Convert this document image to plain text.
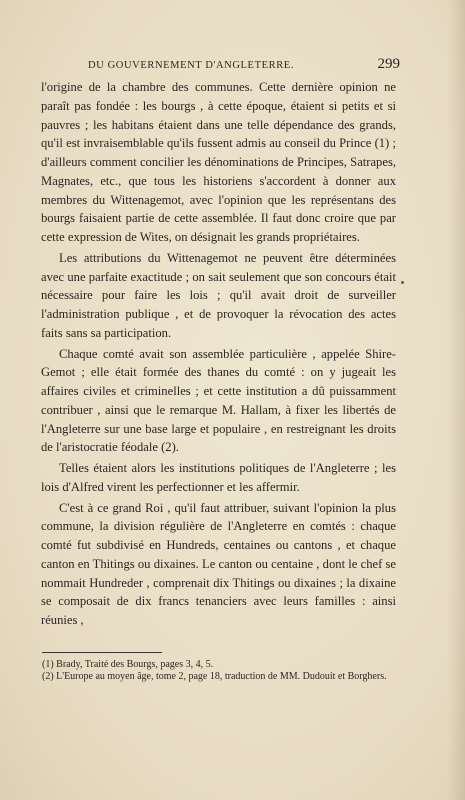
DU GOUVERNEMENT D'ANGLETERRE.	299

l'origine de la chambre des communes. Cette dernière opinion ne paraît pas fondée : les bourgs , à cette époque, étaient si petits et si pauvres ; les habitans étaient dans une telle dépendance des grands, qu'il est invraisemblable qu'ils fussent admis au conseil du Prince (1) ; d'ailleurs comment concilier les dénominations de Principes, Satrapes, Magnates, etc., que tous les historiens s'accordent à donner aux membres du Wittenagemot, avec l'opinion que les représentans des bourgs faisaient partie de cette assemblée. Il faut donc croire que par cette expression de Wites, on désignait les grands propriétaires.

Les attributions du Wittenagemot ne peuvent être déterminées avec une parfaite exactitude ; on sait seulement que son concours était nécessaire pour faire les lois ; qu'il avait droit de surveiller l'administration publique , et de provoquer la révocation des actes faits sans sa participation.

Chaque comté avait son assemblée particulière , appelée Shire-Gemot ; elle était formée des thanes du comté : on y jugeait les affaires civiles et criminelles ; et cette institution a dû puissamment contribuer , ainsi que le remarque M. Hallam, à fixer les libertés de l'Angleterre sur une base large et populaire , en restreignant les droits de l'aristocratie féodale (2).

Telles étaient alors les institutions politiques de l'Angleterre ; les lois d'Alfred virent les perfectionner et les affermir.

C'est à ce grand Roi , qu'il faut attribuer, suivant l'opinion la plus commune, la division régulière de l'Angleterre en comtés : chaque comté fut subdivisé en Hundreds, centaines ou cantons , et chaque canton en Thitings ou dixaines. Le canton ou centaine , dont le chef se nommait Hundreder , comprenait dix Thitings ou dixaines ; la dixaine se composait de dix francs tenanciers avec leurs familles : ainsi réunies ,

(1) Brady, Traité des Bourgs, pages 3, 4, 5.

(2) L'Europe au moyen âge, tome 2, page 18, traduction de MM. Dudouit et Borghers.
